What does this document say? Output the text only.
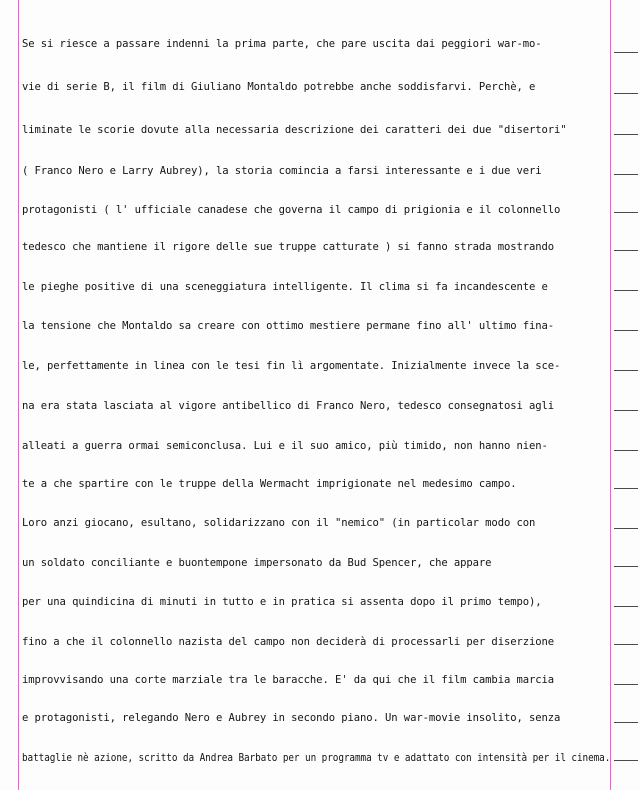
Se si riesce a passare indenni la prima parte, che pare uscita dai peggiori war-mo-
vie di serie B, il film di Giuliano Montaldo potrebbe anche soddisfarvi. Perchè, e
liminate le scorie dovute alla necessaria descrizione dei caratteri dei due "disertori"
( Franco Nero e Larry Aubrey), la storia comincia a farsi interessante e i due veri
protagonisti ( l' ufficiale canadese che governa il campo di prigionia e il colonnello
tedesco che mantiene il rigore delle sue truppe catturate ) si fanno strada mostrando
le pieghe positive di una sceneggiatura intelligente. Il clima si fa incandescente e
la tensione che Montaldo sa creare con ottimo mestiere permane fino all' ultimo fina-
le, perfettamente in linea con le tesi fin lì argomentate. Inizialmente invece la sce-
na era stata lasciata al vigore antibellico di Franco Nero, tedesco consegnatosi agli
alleati a guerra ormai semiconclusa. Lui e il suo amico, più timido, non hanno nien-
te a che spartire con le truppe della Wermacht imprigionate nel medesimo campo.
Loro anzi giocano, esultano, solidarizzano con il "nemico" (in particolar modo con
un soldato conciliante e buontempone impersonato da Bud Spencer, che appare
per una quindicina di minuti in tutto e in pratica si assenta dopo il primo tempo),
fino a che il colonnello nazista del campo non deciderà di processarli per diserzione
improvvisando una corte marziale tra le baracche. E' da qui che il film cambia marcia
e protagonisti, relegando Nero e Aubrey in secondo piano. Un war-movie insolito, senza
battaglie nè azione, scritto da Andrea Barbato per un programma tv e adattato con intensità per il cinema.
